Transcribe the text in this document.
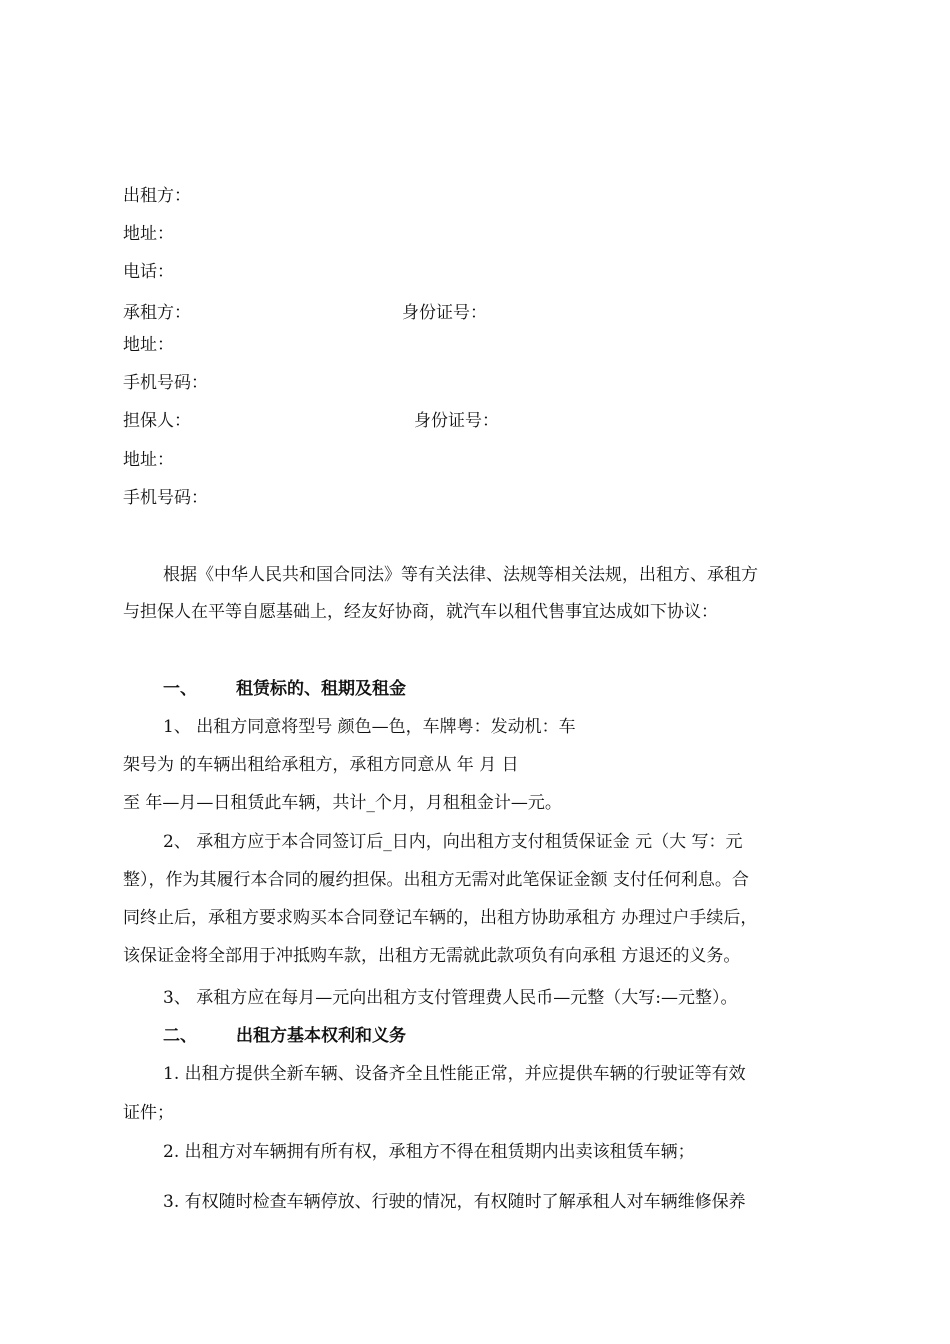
出租方：
地址：
电话：
承租方：	身份证号：
地址：
手机号码：
担保人：	身份证号：
地址：
手机号码：
根据《中华人民共和国合同法》等有关法律、法规等相关法规，出租方、承租方
与担保人在平等自愿基础上，经友好协商，就汽车以租代售事宜达成如下协议：
一、 租赁标的、租期及租金
1、 出租方同意将型号 颜色—色，车牌粤：发动机：车
架号为 的车辆出租给承租方，承租方同意从 年 月 日
至 年—月—日租赁此车辆，共计_个月，月租租金计—元。
2、 承租方应于本合同签订后_日内，向出租方支付租赁保证金 元（大 写：元
整），作为其履行本合同的履约担保。出租方无需对此笔保证金额 支付任何利息。合
同终止后，承租方要求购买本合同登记车辆的，出租方协助承租方 办理过户手续后，
该保证金将全部用于冲抵购车款，出租方无需就此款项负有向承租 方退还的义务。
3、 承租方应在每月—元向出租方支付管理费人民币—元整（大写:—元整）。
二、 出租方基本权利和义务
1. 出租方提供全新车辆、设备齐全且性能正常，并应提供车辆的行驶证等有效
证件；
2. 出租方对车辆拥有所有权，承租方不得在租赁期内出卖该租赁车辆；
3. 有权随时检查车辆停放、行驶的情况，有权随时了解承租人对车辆维修保养
